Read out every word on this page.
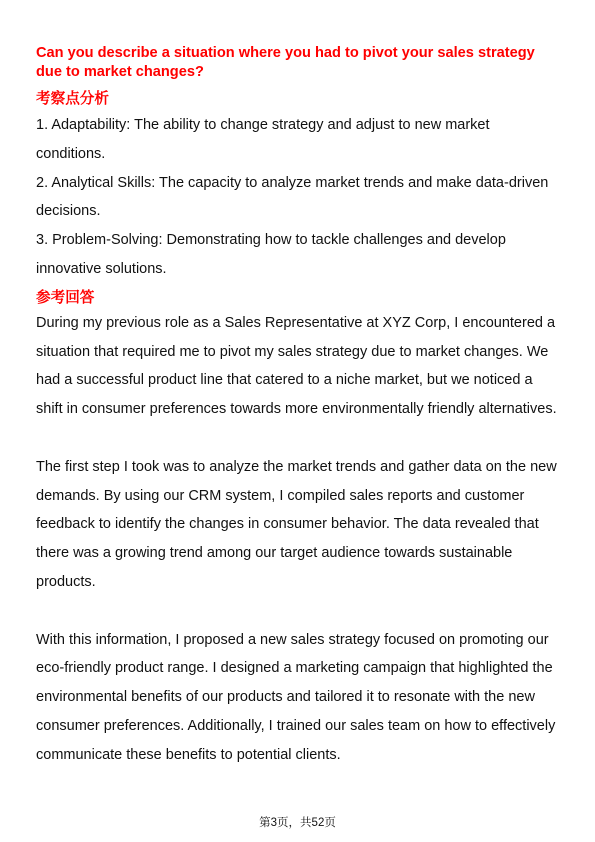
Can you describe a situation where you had to pivot your sales strategy due to market changes?

考察点分析

1. Adaptability: The ability to change strategy and adjust to new market conditions.

2. Analytical Skills: The capacity to analyze market trends and make data-driven decisions.

3. Problem-Solving: Demonstrating how to tackle challenges and develop innovative solutions.

参考回答

During my previous role as a Sales Representative at XYZ Corp, I encountered a situation that required me to pivot my sales strategy due to market changes. We had a successful product line that catered to a niche market, but we noticed a shift in consumer preferences towards more environmentally friendly alternatives.

The first step I took was to analyze the market trends and gather data on the new demands. By using our CRM system, I compiled sales reports and customer feedback to identify the changes in consumer behavior. The data revealed that there was a growing trend among our target audience towards sustainable products.

With this information, I proposed a new sales strategy focused on promoting our eco-friendly product range. I designed a marketing campaign that highlighted the environmental benefits of our products and tailored it to resonate with the new consumer preferences. Additionally, I trained our sales team on how to effectively communicate these benefits to potential clients.

第3页，共52页
